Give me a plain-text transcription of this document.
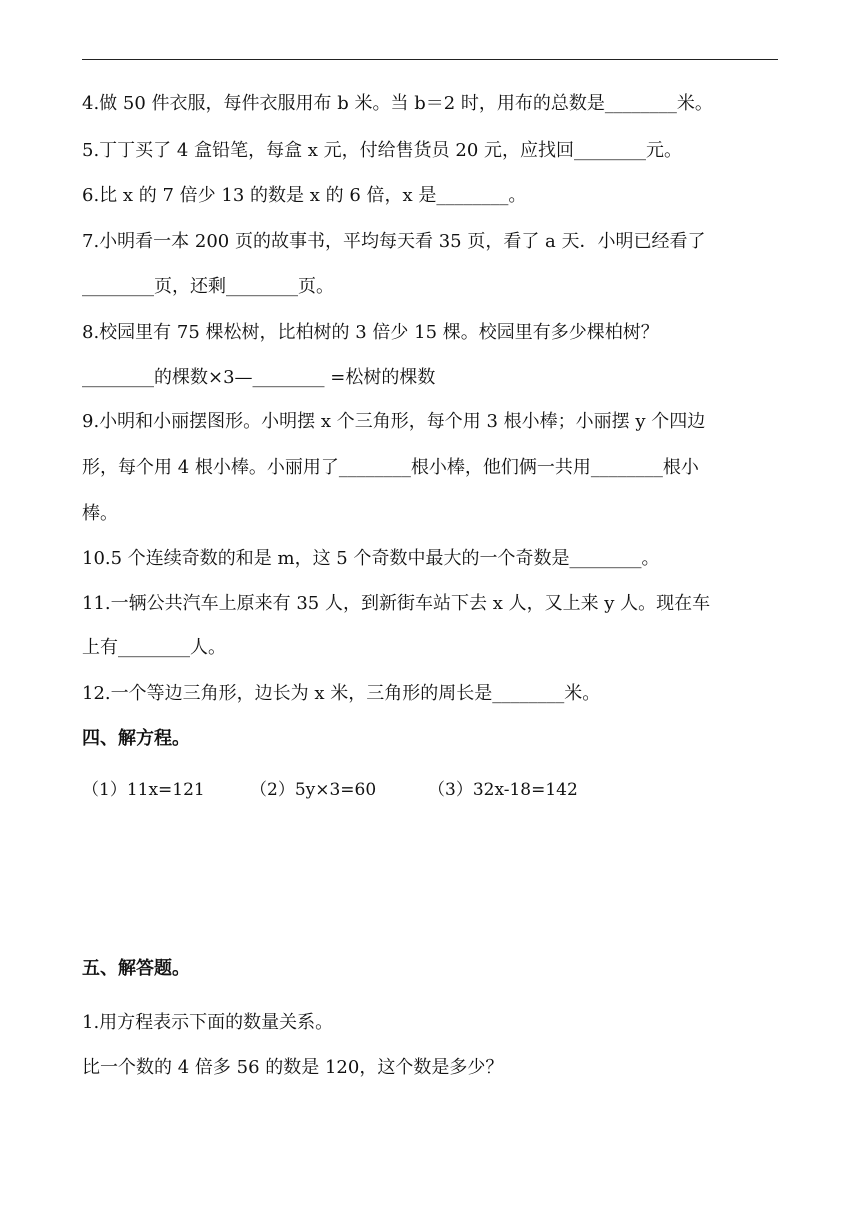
4.做 50 件衣服，每件衣服用布 b 米。当 b＝2 时，用布的总数是________米。
5.丁丁买了 4 盒铅笔，每盒 x 元，付给售货员 20 元，应找回________元。
6.比 x 的 7 倍少 13 的数是 x 的 6 倍，x 是________。
7.小明看一本 200 页的故事书，平均每天看 35 页，看了 a 天．小明已经看了
________页，还剩________页。
8.校园里有 75 棵松树，比柏树的 3 倍少 15 棵。校园里有多少棵柏树？
________的棵数×3—________ =松树的棵数
9.小明和小丽摆图形。小明摆 x 个三角形，每个用 3 根小棒；小丽摆 y 个四边
形，每个用 4 根小棒。小丽用了________根小棒，他们俩一共用________根小
棒。
10.5 个连续奇数的和是 m，这 5 个奇数中最大的一个奇数是________。
11.一辆公共汽车上原来有 35 人，到新街车站下去 x 人，又上来 y 人。现在车
上有________人。
12.一个等边三角形，边长为 x 米，三角形的周长是________米。
四、解方程。
（1）11x=121	（2）5y×3=60	（3）32x-18=142
五、解答题。
1.用方程表示下面的数量关系。
比一个数的 4 倍多 56 的数是 120，这个数是多少？
